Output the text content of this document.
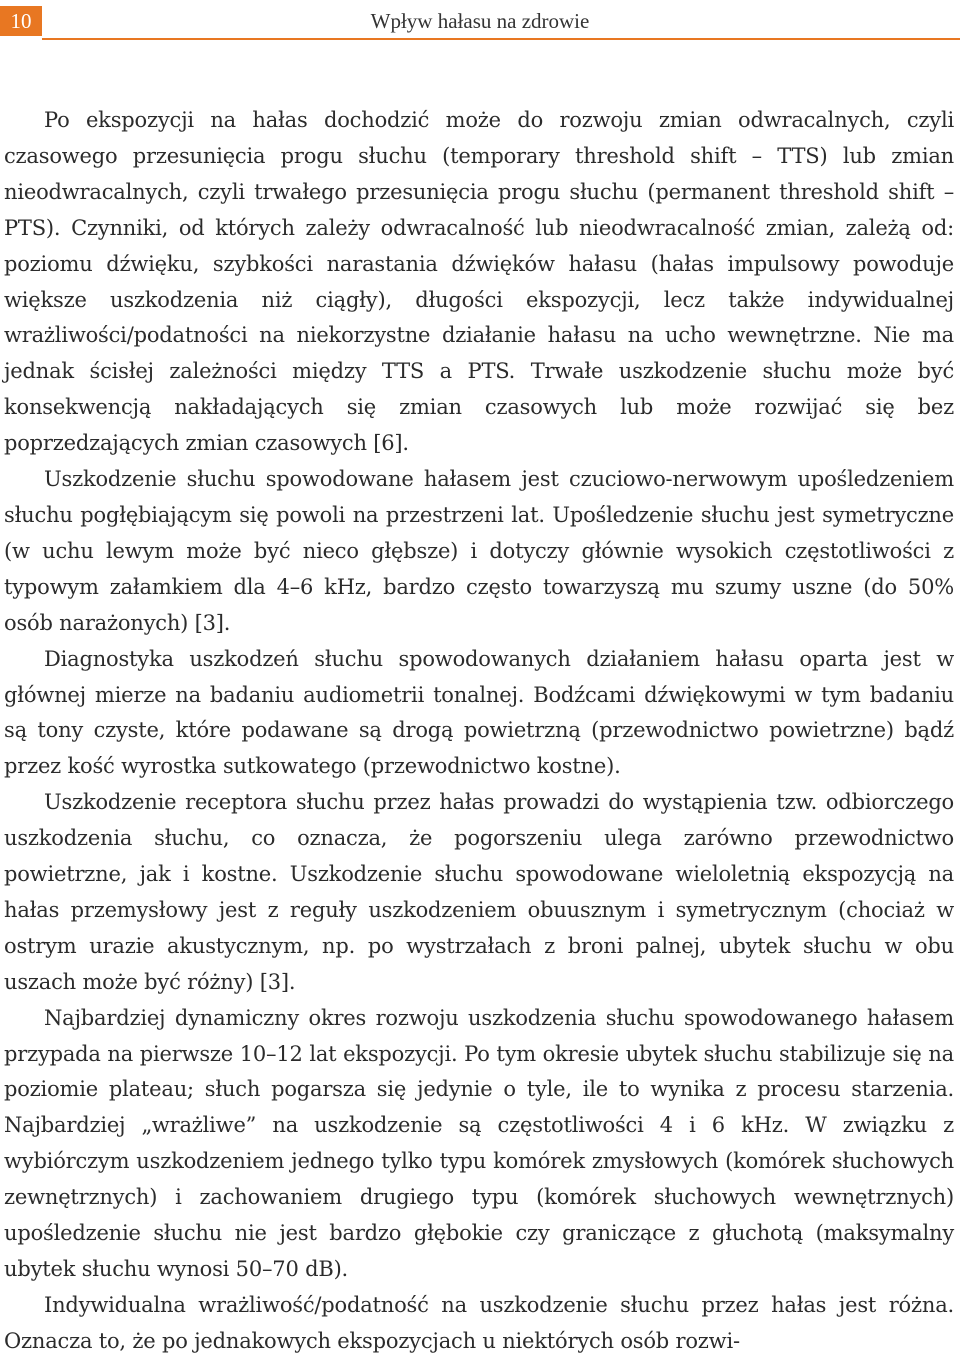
10	Wpływ hałasu na zdrowie

Po ekspozycji na hałas dochodzić może do rozwoju zmian odwracalnych, czyli czasowego przesunięcia progu słuchu (temporary threshold shift – TTS) lub zmian nieodwracalnych, czyli trwałego przesunięcia progu słuchu (permanent threshold shift – PTS). Czynniki, od których zależy odwracalność lub nieodwracalność zmian, zależą od: poziomu dźwięku, szybkości narastania dźwięków hałasu (hałas impulsowy powoduje większe uszkodzenia niż ciągły), długości ekspozycji, lecz także indywidualnej wrażliwości/podatności na niekorzystne działanie hałasu na ucho wewnętrzne. Nie ma jednak ścisłej zależności między TTS a PTS. Trwałe uszkodzenie słuchu może być konsekwencją nakładających się zmian czasowych lub może rozwijać się bez poprzedzających zmian czasowych [6].

Uszkodzenie słuchu spowodowane hałasem jest czuciowo-nerwowym upośledzeniem słuchu pogłębiającym się powoli na przestrzeni lat. Upośledzenie słuchu jest symetryczne (w uchu lewym może być nieco głębsze) i dotyczy głównie wysokich częstotliwości z typowym załamkiem dla 4–6 kHz, bardzo często towarzyszą mu szumy uszne (do 50% osób narażonych) [3].

Diagnostyka uszkodzeń słuchu spowodowanych działaniem hałasu oparta jest w głównej mierze na badaniu audiometrii tonalnej. Bodźcami dźwiękowymi w tym badaniu są tony czyste, które podawane są drogą powietrzną (przewodnictwo powietrzne) bądź przez kość wyrostka sutkowatego (przewodnictwo kostne).

Uszkodzenie receptora słuchu przez hałas prowadzi do wystąpienia tzw. odbiorczego uszkodzenia słuchu, co oznacza, że pogorszeniu ulega zarówno przewodnictwo powietrzne, jak i kostne. Uszkodzenie słuchu spowodowane wieloletnią ekspozycją na hałas przemysłowy jest z reguły uszkodzeniem obuusznym i symetrycznym (chociaż w ostrym urazie akustycznym, np. po wystrzałach z broni palnej, ubytek słuchu w obu uszach może być różny) [3].

Najbardziej dynamiczny okres rozwoju uszkodzenia słuchu spowodowanego hałasem przypada na pierwsze 10–12 lat ekspozycji. Po tym okresie ubytek słuchu stabilizuje się na poziomie plateau; słuch pogarsza się jedynie o tyle, ile to wynika z procesu starzenia. Najbardziej „wrażliwe” na uszkodzenie są częstotliwości 4 i 6 kHz. W związku z wybiórczym uszkodzeniem jednego tylko typu komórek zmysłowych (komórek słuchowych zewnętrznych) i zachowaniem drugiego typu (komórek słuchowych wewnętrznych) upośledzenie słuchu nie jest bardzo głębokie czy graniczące z głuchotą (maksymalny ubytek słuchu wynosi 50–70 dB).

Indywidualna wrażliwość/podatność na uszkodzenie słuchu przez hałas jest różna. Oznacza to, że po jednakowych ekspozycjach u niektórych osób rozwi-
